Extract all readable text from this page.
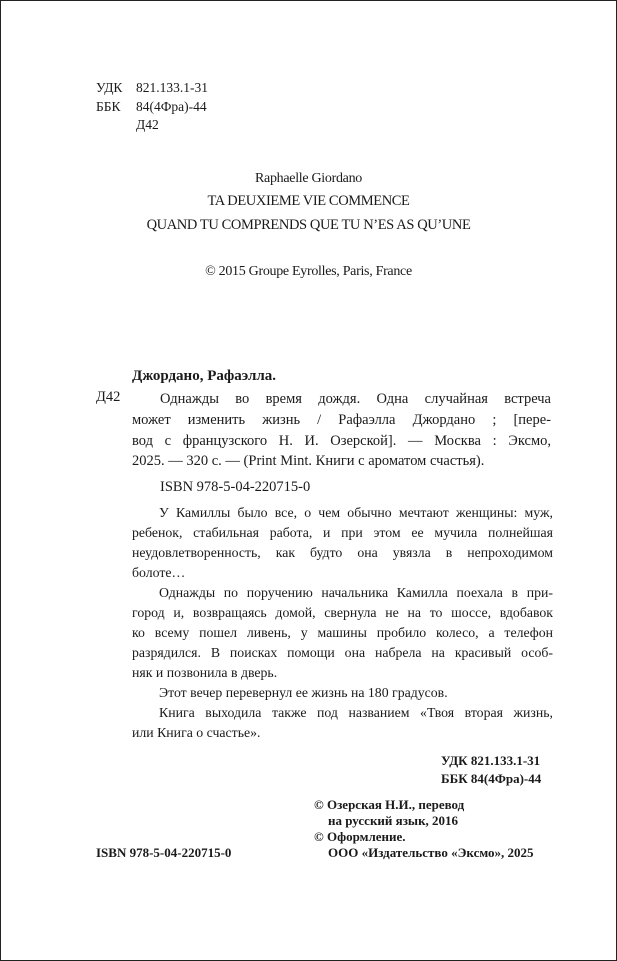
УДК 821.133.1-31
ББК 84(4Фра)-44
Д42
Raphaelle Giordano
TA DEUXIEME VIE COMMENCE
QUAND TU COMPRENDS QUE TU N’ES AS QU’UNE
© 2015 Groupe Eyrolles, Paris, France
Джордано, Рафаэлла.
Д42	Однажды во время дождя. Одна случайная встреча
может изменить жизнь / Рафаэлла Джордано ; [пере-
вод с французского Н. И. Озерской]. — Москва : Эксмо,
2025. — 320 с. — (Print Mint. Книги с ароматом счастья).
ISBN 978-5-04-220715-0
У Камиллы было все, о чем обычно мечтают женщины: муж,
ребенок, стабильная работа, и при этом ее мучила полнейшая
неудовлетворенность, как будто она увязла в непроходимом
болоте…
Однажды по поручению начальника Камилла поехала в при-
город и, возвращаясь домой, свернула не на то шоссе, вдобавок
ко всему пошел ливень, у машины пробило колесо, а телефон
разрядился. В поисках помощи она набрела на красивый особ-
няк и позвонила в дверь.
Этот вечер перевернул ее жизнь на 180 градусов.
Книга выходила также под названием «Твоя вторая жизнь,
или Книга о счастье».
УДК 821.133.1-31
ББК 84(4Фра)-44
© Озерская Н.И., перевод
на русский язык, 2016
© Оформление.
ISBN 978-5-04-220715-0	ООО «Издательство «Эксмо», 2025
